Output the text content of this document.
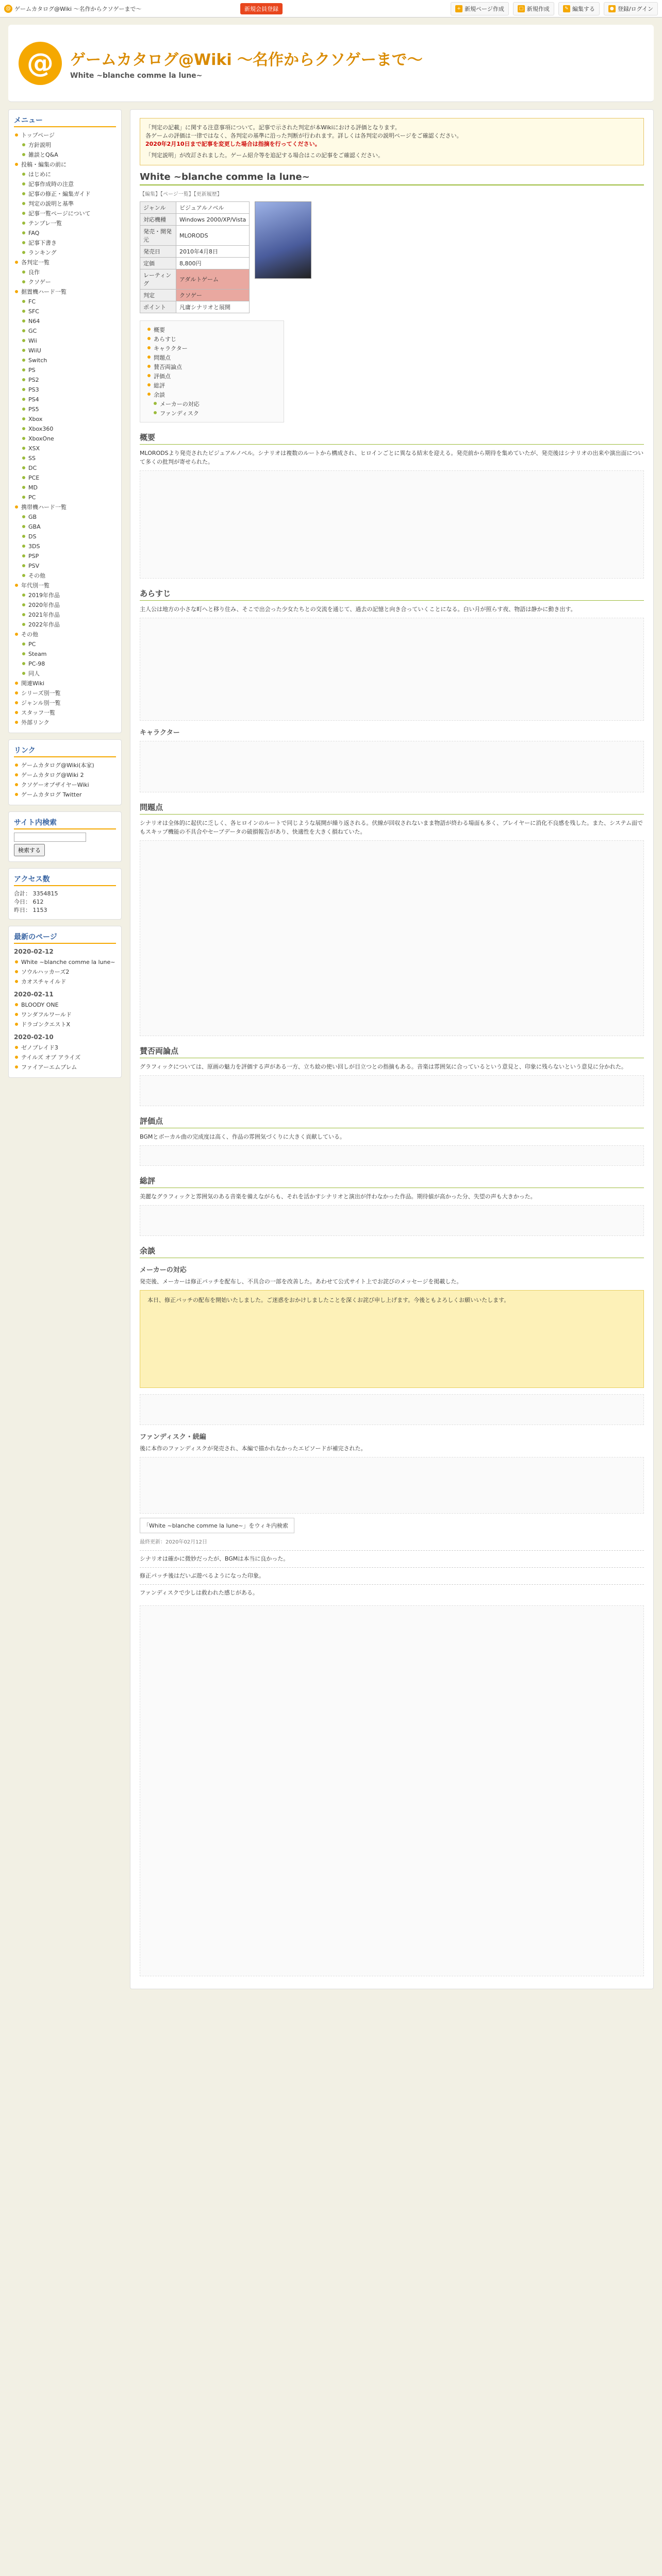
@ ゲームカタログ@Wiki ～名作からクソゲーまで～	新規会員登録	+ 新規ページ作成	□ 新規作成	✎ 編集する	● 登録/ログイン
@	ゲームカタログ@Wiki ～名作からクソゲーまで～
White ~blanche comme la lune~
メニュー
トップページ
方針説明
雑談とQ&A
投稿・編集の前に
はじめに
記事作成時の注意
記事の修正・編集ガイド
判定の説明と基準
記事一覧ページについて
テンプレ一覧
FAQ
記事下書き
ランキング
各判定一覧
良作
クソゲー
据置機ハード一覧
FC
SFC
N64
GC
Wii
WiiU
Switch
PS
PS2
PS3
PS4
PS5
Xbox
Xbox360
XboxOne
XSX
SS
DC
PCE
MD
PC
携帯機ハード一覧
GB
GBA
DS
3DS
PSP
PSV
その他
年代別一覧
2019年作品
2020年作品
2021年作品
2022年作品
その他
PC
Steam
PC-98
同人
関連Wiki
シリーズ別一覧
ジャンル別一覧
スタッフ一覧
外部リンク
リンク
ゲームカタログ@Wiki(本家)
ゲームカタログ@Wiki 2
クソゲーオブザイヤーWiki
ゲームカタログ Twitter
サイト内検索

検索する
アクセス数
合計： 3354815
今日： 612
昨日： 1153
最新のページ
2020-02-12
White ~blanche comme la lune~
ソウルハッカーズ2
カオスチャイルド
2020-02-11
BLOODY ONE
ワンダフルワールド
ドラゴンクエストX
2020-02-10
ゼノブレイド3
テイルズ オブ アライズ
ファイアーエムブレム
「判定の記載」に関する注意事項について。記事で示された判定が本Wikiにおける評価となります。
各ゲームの評価は一律ではなく、各判定の基準に沿った判断が行われます。詳しくは各判定の説明ページをご確認ください。
2020年2月10日まで記事を変更した場合は指摘を行ってください。
「判定説明」が改訂されました。ゲーム紹介等を追記する場合はこの記事をご確認ください。
White ~blanche comme la lune~
【編集】【ページ一覧】【更新履歴】
ジャンル	ビジュアルノベル
対応機種	Windows 2000/XP/Vista
発売・開発元	MLORODS
発売日	2010年4月8日
定価	8,800円
レーティング	アダルトゲーム
判定	クソゲー
ポイント	凡庸シナリオと展開
概要
あらすじ
キャラクター
問題点
賛否両論点
評価点
総評
余談
メーカーの対応
ファンディスク
概要
MLORODSより発売されたビジュアルノベル。シナリオは複数のルートから構成され、ヒロインごとに異なる結末を迎える。発売前から期待を集めていたが、発売後はシナリオの出来や演出面について多くの批判が寄せられた。
あらすじ
主人公は地方の小さな町へと移り住み、そこで出会った少女たちとの交流を通じて、過去の記憶と向き合っていくことになる。白い月が照らす夜、物語は静かに動き出す。
キャラクター
問題点
シナリオは全体的に起伏に乏しく、各ヒロインのルートで同じような展開が繰り返される。伏線が回収されないまま物語が終わる場面も多く、プレイヤーに消化不良感を残した。また、システム面でもスキップ機能の不具合やセーブデータの破損報告があり、快適性を大きく損ねていた。
賛否両論点
グラフィックについては、原画の魅力を評価する声がある一方、立ち絵の使い回しが目立つとの指摘もある。音楽は雰囲気に合っているという意見と、印象に残らないという意見に分かれた。
評価点
BGMとボーカル曲の完成度は高く、作品の雰囲気づくりに大きく貢献している。
総評
美麗なグラフィックと雰囲気のある音楽を備えながらも、それを活かすシナリオと演出が伴わなかった作品。期待値が高かった分、失望の声も大きかった。
余談
メーカーの対応
発売後、メーカーは修正パッチを配布し、不具合の一部を改善した。あわせて公式サイト上でお詫びのメッセージを掲載した。
本日、修正パッチの配布を開始いたしました。ご迷惑をおかけしましたことを深くお詫び申し上げます。今後ともよろしくお願いいたします。
ファンディスク・続編
後に本作のファンディスクが発売され、本編で描かれなかったエピソードが補完された。
「White ~blanche comme la lune~」をウィキ内検索
最終更新：2020年02月12日
シナリオは確かに微妙だったが、BGMは本当に良かった。
修正パッチ後はだいぶ遊べるようになった印象。
ファンディスクで少しは救われた感じがある。
